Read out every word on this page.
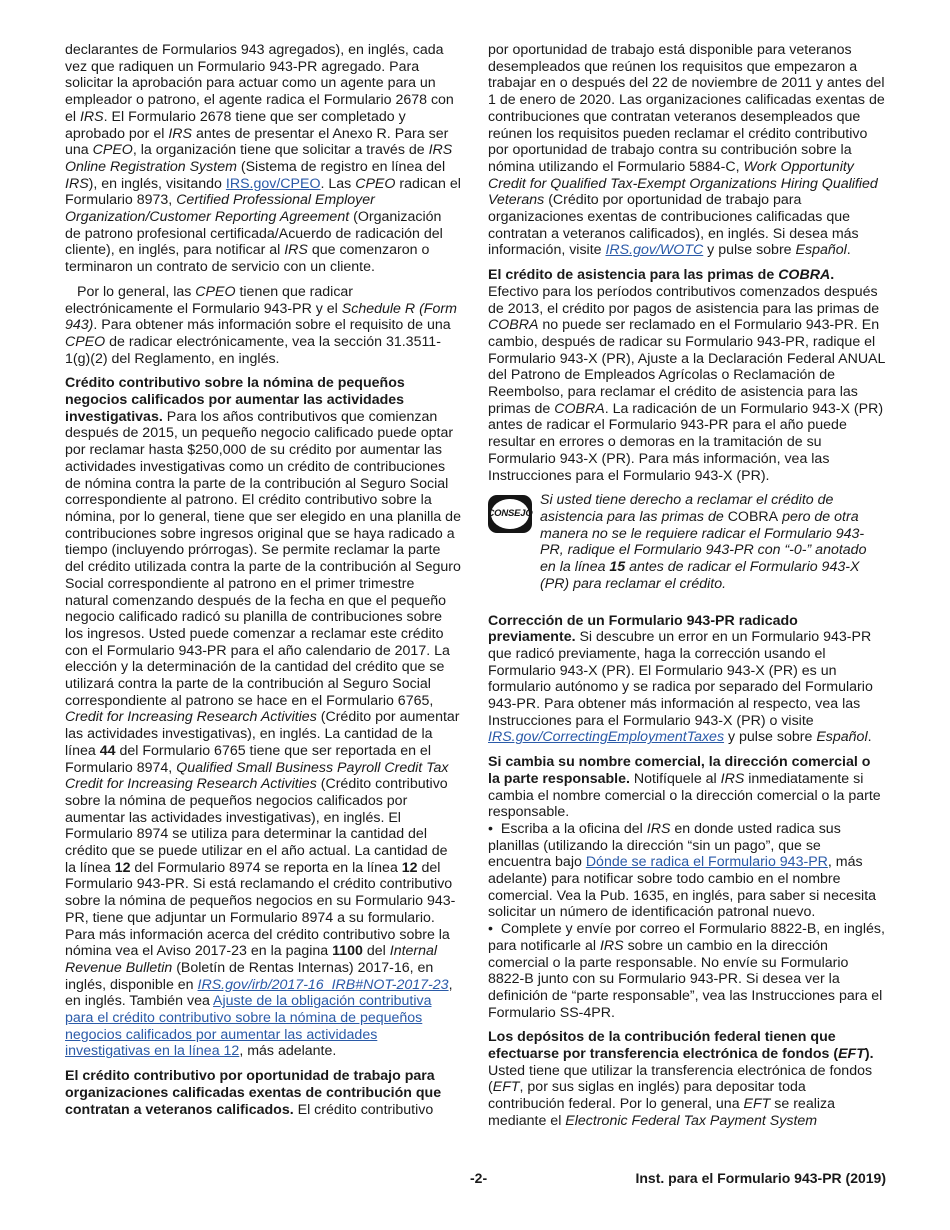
declarantes de Formularios 943 agregados), en inglés, cada vez que radiquen un Formulario 943-PR agregado. Para solicitar la aprobación para actuar como un agente para un empleador o patrono, el agente radica el Formulario 2678 con el IRS. El Formulario 2678 tiene que ser completado y aprobado por el IRS antes de presentar el Anexo R. Para ser una CPEO, la organización tiene que solicitar a través de IRS Online Registration System (Sistema de registro en línea del IRS), en inglés, visitando IRS.gov/CPEO. Las CPEO radican el Formulario 8973, Certified Professional Employer Organization/Customer Reporting Agreement (Organización de patrono profesional certificada/Acuerdo de radicación del cliente), en inglés, para notificar al IRS que comenzaron o terminaron un contrato de servicio con un cliente.

Por lo general, las CPEO tienen que radicar electrónicamente el Formulario 943-PR y el Schedule R (Form 943). Para obtener más información sobre el requisito de una CPEO de radicar electrónicamente, vea la sección 31.3511-1(g)(2) del Reglamento, en inglés.

Crédito contributivo sobre la nómina de pequeños negocios calificados por aumentar las actividades investigativas. Para los años contributivos que comienzan después de 2015, un pequeño negocio calificado puede optar por reclamar hasta $250,000 de su crédito por aumentar las actividades investigativas como un crédito de contribuciones de nómina contra la parte de la contribución al Seguro Social correspondiente al patrono. El crédito contributivo sobre la nómina, por lo general, tiene que ser elegido en una planilla de contribuciones sobre ingresos original que se haya radicado a tiempo (incluyendo prórrogas). Se permite reclamar la parte del crédito utilizada contra la parte de la contribución al Seguro Social correspondiente al patrono en el primer trimestre natural comenzando después de la fecha en que el pequeño negocio calificado radicó su planilla de contribuciones sobre los ingresos. Usted puede comenzar a reclamar este crédito con el Formulario 943-PR para el año calendario de 2017. La elección y la determinación de la cantidad del crédito que se utilizará contra la parte de la contribución al Seguro Social correspondiente al patrono se hace en el Formulario 6765, Credit for Increasing Research Activities (Crédito por aumentar las actividades investigativas), en inglés. La cantidad de la línea 44 del Formulario 6765 tiene que ser reportada en el Formulario 8974, Qualified Small Business Payroll Credit Tax Credit for Increasing Research Activities (Crédito contributivo sobre la nómina de pequeños negocios calificados por aumentar las actividades investigativas), en inglés. El Formulario 8974 se utiliza para determinar la cantidad del crédito que se puede utilizar en el año actual. La cantidad de la línea 12 del Formulario 8974 se reporta en la línea 12 del Formulario 943-PR. Si está reclamando el crédito contributivo sobre la nómina de pequeños negocios en su Formulario 943-PR, tiene que adjuntar un Formulario 8974 a su formulario. Para más información acerca del crédito contributivo sobre la nómina vea el Aviso 2017-23 en la pagina 1100 del Internal Revenue Bulletin (Boletín de Rentas Internas) 2017-16, en inglés, disponible en IRS.gov/irb/2017-16_IRB#NOT-2017-23, en inglés. También vea Ajuste de la obligación contributiva para el crédito contributivo sobre la nómina de pequeños negocios calificados por aumentar las actividades investigativas en la línea 12, más adelante.

El crédito contributivo por oportunidad de trabajo para organizaciones calificadas exentas de contribución que contratan a veteranos calificados. El crédito contributivo

por oportunidad de trabajo está disponible para veteranos desempleados que reúnen los requisitos que empezaron a trabajar en o después del 22 de noviembre de 2011 y antes del 1 de enero de 2020. Las organizaciones calificadas exentas de contribuciones que contratan veteranos desempleados que reúnen los requisitos pueden reclamar el crédito contributivo por oportunidad de trabajo contra su contribución sobre la nómina utilizando el Formulario 5884-C, Work Opportunity Credit for Qualified Tax-Exempt Organizations Hiring Qualified Veterans (Crédito por oportunidad de trabajo para organizaciones exentas de contribuciones calificadas que contratan a veteranos calificados), en inglés. Si desea más información, visite IRS.gov/WOTC y pulse sobre Español.

El crédito de asistencia para las primas de COBRA.
Efectivo para los períodos contributivos comenzados después de 2013, el crédito por pagos de asistencia para las primas de COBRA no puede ser reclamado en el Formulario 943-PR. En cambio, después de radicar su Formulario 943-PR, radique el Formulario 943-X (PR), Ajuste a la Declaración Federal ANUAL del Patrono de Empleados Agrícolas o Reclamación de Reembolso, para reclamar el crédito de asistencia para las primas de COBRA. La radicación de un Formulario 943-X (PR) antes de radicar el Formulario 943-PR para el año puede resultar en errores o demoras en la tramitación de su Formulario 943-X (PR). Para más información, vea las Instrucciones para el Formulario 943-X (PR).

CONSEJO
Si usted tiene derecho a reclamar el crédito de asistencia para las primas de COBRA pero de otra manera no se le requiere radicar el Formulario 943-PR, radique el Formulario 943-PR con “-0-” anotado en la línea 15 antes de radicar el Formulario 943-X (PR) para reclamar el crédito.

Corrección de un Formulario 943-PR radicado previamente. Si descubre un error en un Formulario 943-PR que radicó previamente, haga la corrección usando el Formulario 943-X (PR). El Formulario 943-X (PR) es un formulario autónomo y se radica por separado del Formulario 943-PR. Para obtener más información al respecto, vea las Instrucciones para el Formulario 943-X (PR) o visite IRS.gov/CorrectingEmploymentTaxes y pulse sobre Español.

Si cambia su nombre comercial, la dirección comercial o la parte responsable. Notifíquele al IRS inmediatamente si cambia el nombre comercial o la dirección comercial o la parte responsable.

•  Escriba a la oficina del IRS en donde usted radica sus planillas (utilizando la dirección “sin un pago”, que se encuentra bajo Dónde se radica el Formulario 943-PR, más adelante) para notificar sobre todo cambio en el nombre comercial. Vea la Pub. 1635, en inglés, para saber si necesita solicitar un número de identificación patronal nuevo.

•  Complete y envíe por correo el Formulario 8822-B, en inglés, para notificarle al IRS sobre un cambio en la dirección comercial o la parte responsable. No envíe su Formulario 8822-B junto con su Formulario 943-PR. Si desea ver la definición de “parte responsable”, vea las Instrucciones para el Formulario SS-4PR.

Los depósitos de la contribución federal tienen que efectuarse por transferencia electrónica de fondos (EFT). Usted tiene que utilizar la transferencia electrónica de fondos (EFT, por sus siglas en inglés) para depositar toda contribución federal. Por lo general, una EFT se realiza mediante el Electronic Federal Tax Payment System

-2-	Inst. para el Formulario 943-PR (2019)
